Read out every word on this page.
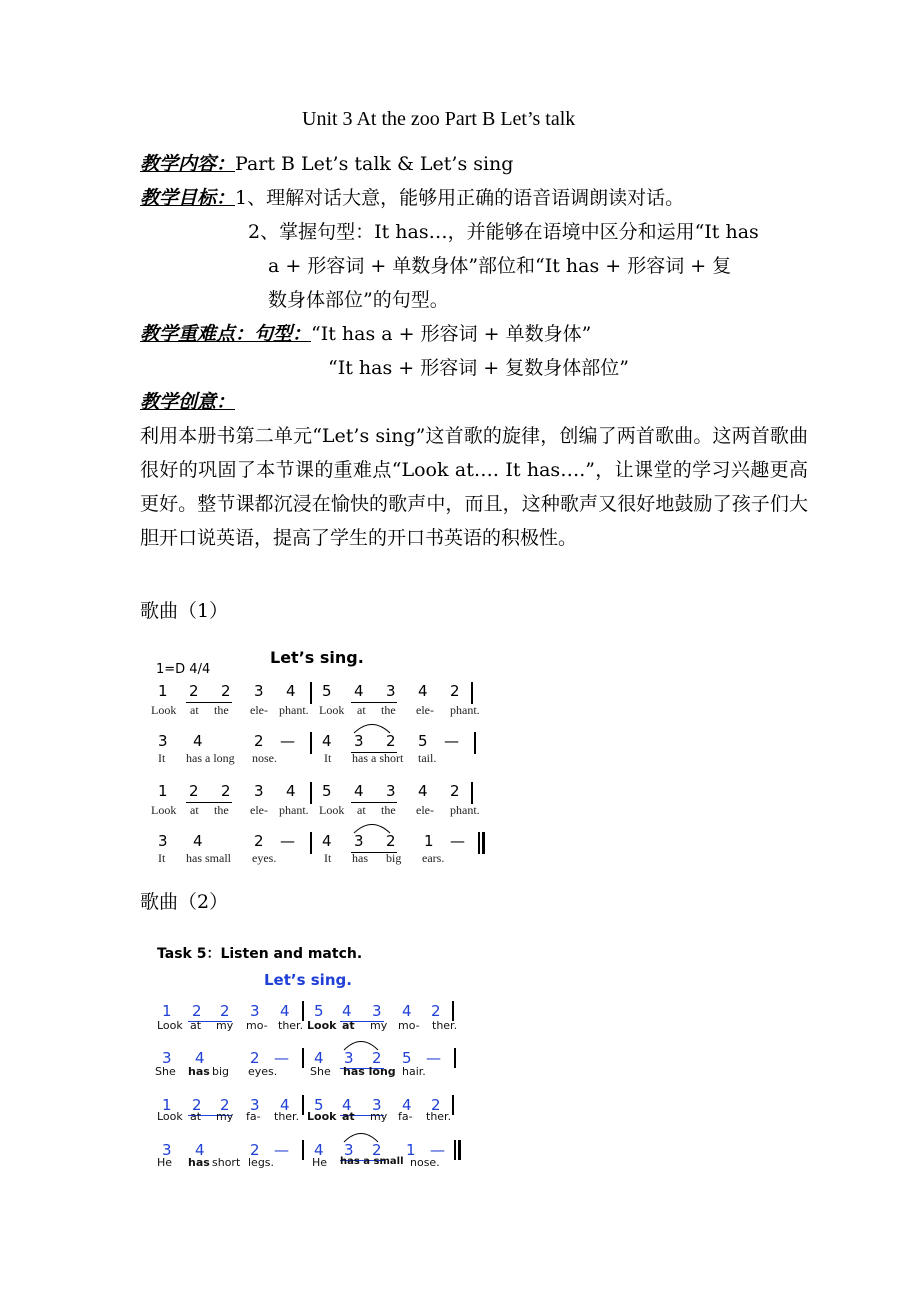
Unit 3 At the zoo Part B Let’s talk
教学内容：Part B Let’s talk & Let’s sing
教学目标：1、理解对话大意，能够用正确的语音语调朗读对话。
2、掌握句型：It has…，并能够在语境中区分和运用“It has
a + 形容词 + 单数身体”部位和“It has + 形容词 + 复
数身体部位”的句型。
教学重难点：句型：“It has a + 形容词 + 单数身体”
“It has + 形容词 + 复数身体部位”
教学创意：
利用本册书第二单元“Let’s sing”这首歌的旋律，创编了两首歌曲。这两首歌曲很好的巩固了本节课的重难点“Look at…. It has….”，让课堂的学习兴趣更高更好。整节课都沉浸在愉快的歌声中，而且，这种歌声又很好地鼓励了孩子们大胆开口说英语，提高了学生的开口书英语的积极性。
歌曲（1）
Let’s sing.
1=D 4/4
1 2 2 3 4 5 4 3 4 2
Look at the ele- phant. Look at the ele- phant.
3 4	2 — 4 3 2 5 —
It has a long nose.	It has a short tail.
1 2 2 3 4 5 4 3 4 2
Look at the ele- phant. Look at the ele- phant.
3 4	2 — 4 3 2 1 —
It has small eyes.	It has big ears.
歌曲（2）
Task 5：Listen and match.
Let’s sing.
1 2 2 3 4 5 4 3 4 2
Look at my mo- ther. Look at my mo- ther.
3 4	2 — 4 3 2 5 —
She has big eyes.	She has long hair.
1 2 2 3 4 5 4 3 4 2
Look at my fa- ther. Look at my fa- ther.
3 4	2 — 4 3 2 1 —
He has short legs.	He has a small nose.
